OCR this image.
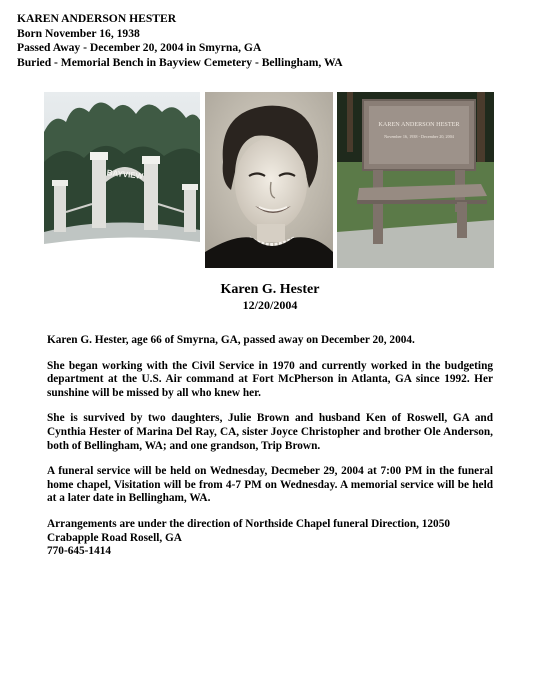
KAREN ANDERSON HESTER
Born November 16, 1938
Passed Away - December 20, 2004 in Smyrna, GA
Buried - Memorial Bench in Bayview Cemetery - Bellingham, WA
BAYVIEW
KAREN ANDERSON HESTER
November 16, 1938 - December 20, 2004
Karen G. Hester
12/20/2004

Karen G. Hester, age 66 of Smyrna, GA, passed away on December 20, 2004.

She began working with the Civil Service in 1970 and currently worked in the budgeting department at the U.S. Air command at Fort McPherson in Atlanta, GA since 1992. Her sunshine will be missed by all who knew her.

She is survived by two daughters, Julie Brown and husband Ken of Roswell, GA and Cynthia Hester of Marina Del Ray, CA, sister Joyce Christopher and brother Ole Anderson, both of Bellingham, WA; and one grandson, Trip Brown.

A funeral service will be held on Wednesday, Decmeber 29, 2004 at 7:00 PM in the funeral home chapel, Visitation will be from 4-7 PM on Wednesday. A memorial service will be held at a later date in Bellingham, WA.

Arrangements are under the direction of Northside Chapel funeral Direction, 12050
Crabapple Road Rosell, GA
770-645-1414
